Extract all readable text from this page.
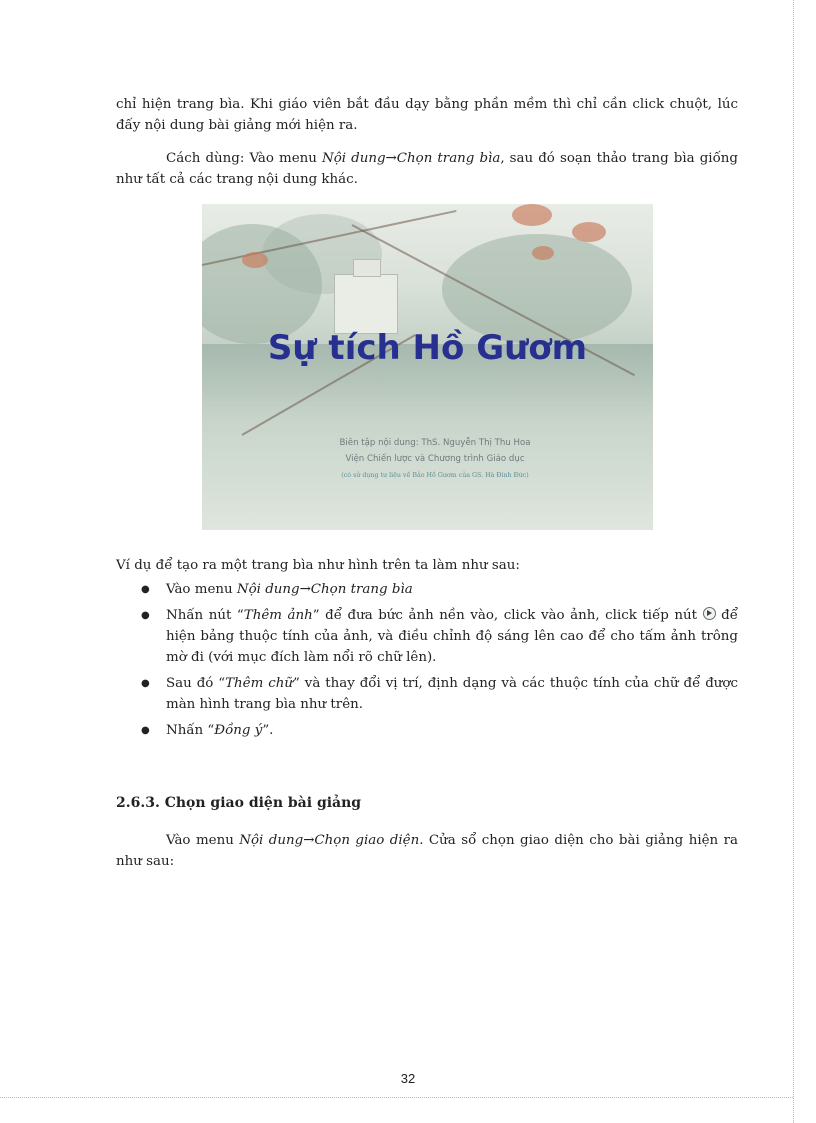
chỉ hiện trang bìa. Khi giáo viên bắt đầu dạy bằng phần mềm thì chỉ cần click chuột, lúc đấy nội dung bài giảng mới hiện ra.
Cách dùng: Vào menu Nội dung→Chọn trang bìa, sau đó soạn thảo trang bìa giống như tất cả các trang nội dung khác.
Sự tích Hồ Gươm
Biên tập nội dung: ThS. Nguyễn Thị Thu Hoa
Viện Chiến lược và Chương trình Giáo dục
(có sử dụng tư liệu về Bảo Hồ Gươm của GS. Hà Đình Đức)
Ví dụ để tạo ra một trang bìa như hình trên ta làm như sau:
● Vào menu Nội dung→Chọn trang bìa
● Nhấn nút “Thêm ảnh” để đưa bức ảnh nền vào, click vào ảnh, click tiếp nút  để hiện bảng thuộc tính của ảnh, và điều chỉnh độ sáng lên cao để cho tấm ảnh trông mờ đi (với mục đích làm nổi rõ chữ lên).
● Sau đó “Thêm chữ” và thay đổi vị trí, định dạng và các thuộc tính của chữ để được màn hình trang bìa như trên.
● Nhấn “Đồng ý”.
2.6.3. Chọn giao diện bài giảng
Vào menu Nội dung→Chọn giao diện. Cửa sổ chọn giao diện cho bài giảng hiện ra như sau:
32
